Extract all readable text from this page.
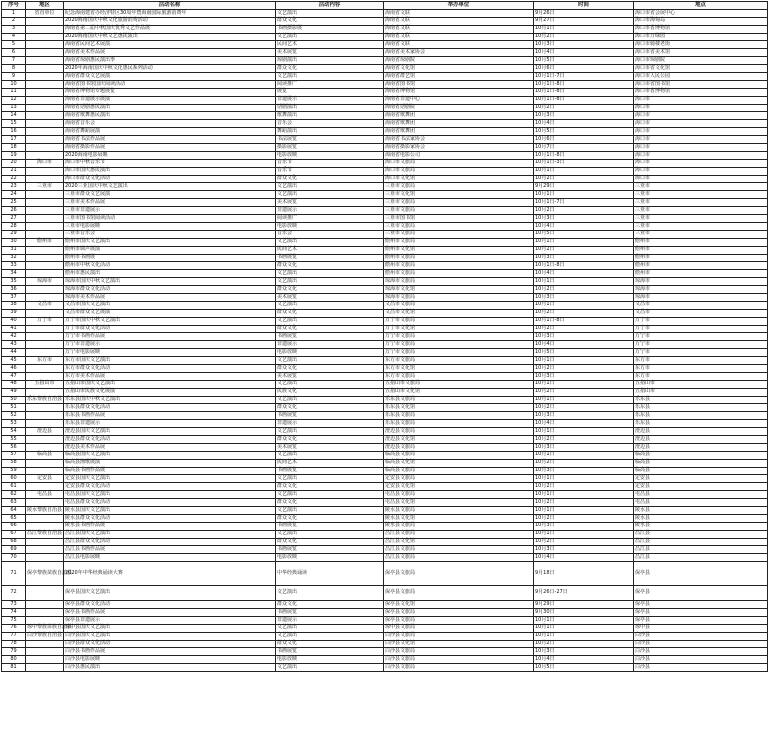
序号	地区	活动名称	活动内容	举办单位	时间	地点
1	省直单位	纪念海南建省办经济特区30周年暨海南国际旅游消费年	文艺演出	海南省文联	9月26日	海口市省会展中心
2		2020海南国庆中秋文化旅游消费活动	群众文化	海南省文联	9月27日	海口市海甸岛
3		海南省第二届中秋国庆优秀文艺作品展	书画摄影展	海南省文联	10月1日	海口市省博物馆
4		2020海南国庆中秋文艺惠民演出	文艺演出	海南省文联	10月2日	海口市万绿园
5		海南省民间艺术展演	民间艺术	海南省文联	10月3日	海口市骑楼老街
6		海南省美术作品展	美术展览	海南省美术家协会	10月4日	海口市省美术馆
7		海南省琼剧惠民演出季	琼剧演出	海南省琼剧院	10月5日	海口市琼剧院
8		2020年海南国庆中秋文化惠民系列活动	群众文化	海南省文化馆	10月6日	海口市省文化馆
9		海南省群众文艺展演	文艺演出	海南省群艺馆	10月1日-7日	海口市人民公园
10		海南省图书馆国庆阅读活动	阅读推广	海南省图书馆	10月1日-8日	海口市省图书馆
11		海南省博物馆专题展览	展览	海南省博物馆	10月1日-8日	海口市省博物馆
12		海南省非遗展示展演	非遗展示	海南省非遗中心	10月1日-8日	海口市
13		海南省话剧惠民演出	话剧演出	海南省话剧院	10月2日	海口市
14		海南省歌舞惠民演出	歌舞演出	海南省歌舞团	10月3日	海口市
15		海南省音乐会	音乐会	海南省歌舞团	10月4日	海口市
16		海南省舞蹈展演	舞蹈演出	海南省歌舞团	10月5日	海口市
17		海南省书法作品展	书法展览	海南省书法家协会	10月6日	海口市
18		海南省摄影作品展	摄影展览	海南省摄影家协会	10月7日	海口市
19		2020海南电影展映	电影放映	海南省电影公司	10月1日-8日	海口市
20	海口市	海口市中秋音乐节	音乐节	海口市文旅局	10月1日-3日	海口市
21		海口市国庆惠民演出	音乐节	海口市文旅局	10月1日	海口市
22		海口市群众文化活动	群众文化	海口市文化馆	10月2日	海口市
23	三亚市	2020三亚国庆中秋文艺演出	文艺演出	三亚市文旅局	9月29日	三亚市
24		三亚市群众文艺展演	文艺演出	三亚市文化馆	10月1日	三亚市
25		三亚市美术作品展	美术展览	三亚市文旅局	10月1日-7日	三亚市
26		三亚市非遗展示	非遗展示	三亚市文旅局	10月2日	三亚市
27		三亚市图书馆阅读活动	阅读推广	三亚市图书馆	10月3日	三亚市
28		三亚市电影展映	电影放映	三亚市文旅局	10月4日	三亚市
29		三亚市音乐会	音乐会	三亚市文旅局	10月5日	三亚市
30	儋州市	儋州市国庆文艺演出	文艺演出	儋州市文旅局	10月1日	儋州市
31		儋州市调声展演	民间艺术	儋州市文化馆	10月2日	儋州市
32		儋州市书画展	书画展览	儋州市文旅局	10月3日	儋州市
33		儋州市中秋文化活动	群众文化	儋州市文旅局	10月1日-8日	儋州市
34		儋州市惠民演出	文艺演出	儋州市文旅局	10月4日	儋州市
35	琼海市	琼海市国庆中秋文艺演出	文艺演出	琼海市文旅局	10月1日	琼海市
36		琼海市群众文化活动	群众文化	琼海市文化馆	10月2日	琼海市
37		琼海市美术作品展	美术展览	琼海市文旅局	10月3日	琼海市
38	文昌市	文昌市国庆文艺演出	文艺演出	文昌市文旅局	10月1日	文昌市
39		文昌市群众文艺展演	群众文化	文昌市文化馆	10月2日	文昌市
40	万宁市	万宁市国庆中秋文艺演出	文艺演出	万宁市文旅局	10月1日-8日	万宁市
41		万宁市群众文化活动	群众文化	万宁市文化馆	10月2日	万宁市
42		万宁市书画作品展	书画展览	万宁市文旅局	10月3日	万宁市
43		万宁市非遗展示	非遗展示	万宁市文旅局	10月4日	万宁市
44		万宁市电影展映	电影放映	万宁市文旅局	10月5日	万宁市
45	东方市	东方市国庆文艺演出	文艺演出	东方市文旅局	10月1日	东方市
46		东方市群众文化活动	群众文化	东方市文化馆	10月2日	东方市
47		东方市美术作品展	美术展览	东方市文旅局	10月3日	东方市
48	五指山市	五指山市国庆文艺演出	文艺演出	五指山市文旅局	10月1日	五指山市
49		五指山市民族文化展演	民族文化	五指山市文化馆	10月2日	五指山市
50	乐东黎族自治县	乐东县国庆中秋文艺演出	文艺演出	乐东县文旅局	10月1日	乐东县
51		乐东县群众文化活动	群众文化	乐东县文化馆	10月2日	乐东县
52		乐东县书画作品展	书画展览	乐东县文旅局	10月3日	乐东县
53		乐东县非遗展示	非遗展示	乐东县文旅局	10月4日	乐东县
54	澄迈县	澄迈县国庆文艺演出	文艺演出	澄迈县文旅局	10月1日	澄迈县
55		澄迈县群众文化活动	群众文化	澄迈县文化馆	10月2日	澄迈县
56		澄迈县美术作品展	美术展览	澄迈县文旅局	10月3日	澄迈县
57	临高县	临高县国庆文艺演出	文艺演出	临高县文旅局	10月1日	临高县
58		临高县渔歌展演	民间艺术	临高县文化馆	10月2日	临高县
59		临高县书画作品展	书画展览	临高县文旅局	10月3日	临高县
60	定安县	定安县国庆文艺演出	文艺演出	定安县文旅局	10月1日	定安县
61		定安县群众文化活动	群众文化	定安县文化馆	10月2日	定安县
62	屯昌县	屯昌县国庆文艺演出	文艺演出	屯昌县文旅局	10月1日	屯昌县
63		屯昌县群众文化活动	群众文化	屯昌县文化馆	10月2日	屯昌县
64	陵水黎族自治县	陵水县国庆文艺演出	文艺演出	陵水县文旅局	10月1日	陵水县
65		陵水县群众文化活动	群众文化	陵水县文化馆	10月2日	陵水县
66		陵水县书画作品展	书画展览	陵水县文旅局	10月3日	陵水县
67	昌江黎族自治县	昌江县国庆文艺演出	文艺演出	昌江县文旅局	10月1日	昌江县
68		昌江县群众文化活动	群众文化	昌江县文化馆	10月2日	昌江县
69		昌江县书画作品展	书画展览	昌江县文旅局	10月3日	昌江县
70		昌江县电影展映	电影放映	昌江县文旅局	10月4日	昌江县
71	保亭黎族苗族自治县	2020年中华经典诵读大赛	中华经典诵读	保亭县文旅局	9月18日	保亭县
72		保亭县国庆文艺演出	文艺演出	保亭县文旅局	9月26日-27日	保亭县
73		保亭县群众文化活动	群众文化	保亭县文化馆	9月29日	保亭县
74		保亭县书画作品展	书画展览	保亭县文旅局	9月30日	保亭县
75		保亭县非遗展示	非遗展示	保亭县文旅局	10月1日	保亭县
76	琼中黎族苗族自治县	琼中县国庆文艺演出	文艺演出	琼中县文旅局	10月1日	琼中县
77	白沙黎族自治县	白沙县国庆文艺演出	文艺演出	白沙县文旅局	10月1日	白沙县
78		白沙县群众文化活动	群众文化	白沙县文化馆	10月2日	白沙县
79		白沙县书画作品展	书画展览	白沙县文旅局	10月3日	白沙县
80		白沙县电影展映	电影放映	白沙县文旅局	10月4日	白沙县
81		白沙县惠民演出	文艺演出	白沙县文旅局	10月5日	白沙县
